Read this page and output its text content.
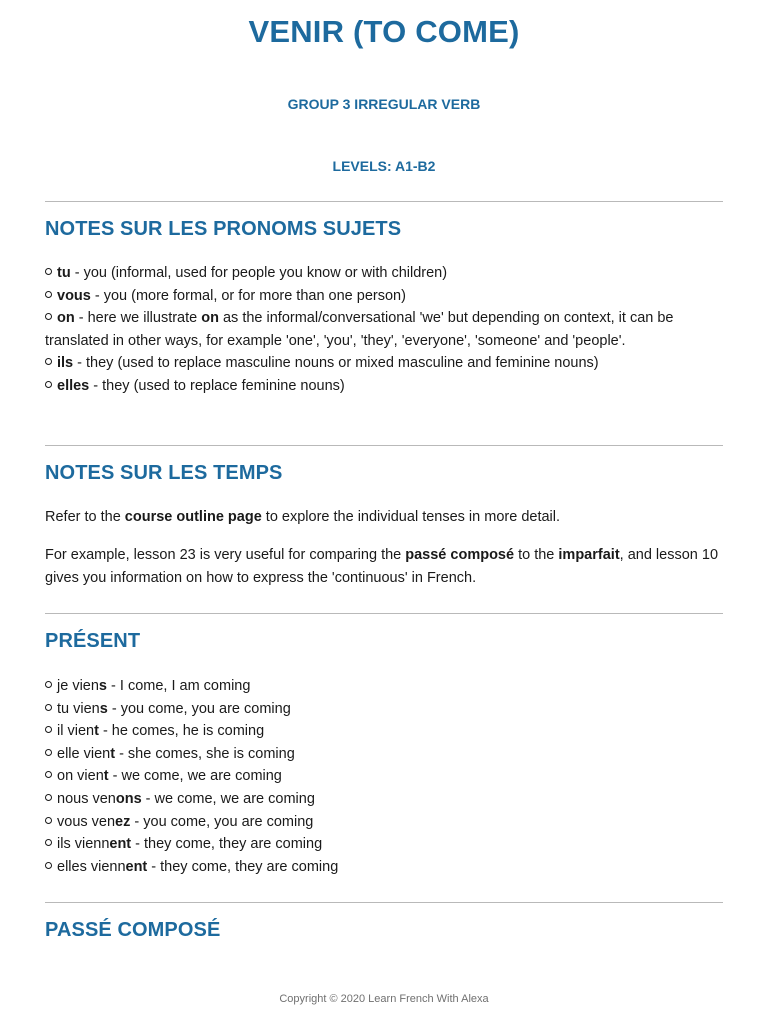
VENIR (TO COME)
GROUP 3 IRREGULAR VERB
LEVELS: A1-B2
NOTES SUR LES PRONOMS SUJETS
tu - you (informal, used for people you know or with children)
vous - you (more formal, or for more than one person)
on - here we illustrate on as the informal/conversational 'we' but depending on context, it can be translated in other ways, for example 'one', 'you', 'they', 'everyone', 'someone' and 'people'.
ils - they (used to replace masculine nouns or mixed masculine and feminine nouns)
elles - they (used to replace feminine nouns)
NOTES SUR LES TEMPS

Refer to the course outline page to explore the individual tenses in more detail.

For example, lesson 23 is very useful for comparing the passé composé to the imparfait, and lesson 10 gives you information on how to express the 'continuous' in French.

PRÉSENT
je viens - I come, I am coming
tu viens - you come, you are coming
il vient - he comes, he is coming
elle vient - she comes, she is coming
on vient - we come, we are coming
nous venons - we come, we are coming
vous venez - you come, you are coming
ils viennent - they come, they are coming
elles viennent - they come, they are coming
PASSÉ COMPOSÉ
Copyright © 2020 Learn French With Alexa
